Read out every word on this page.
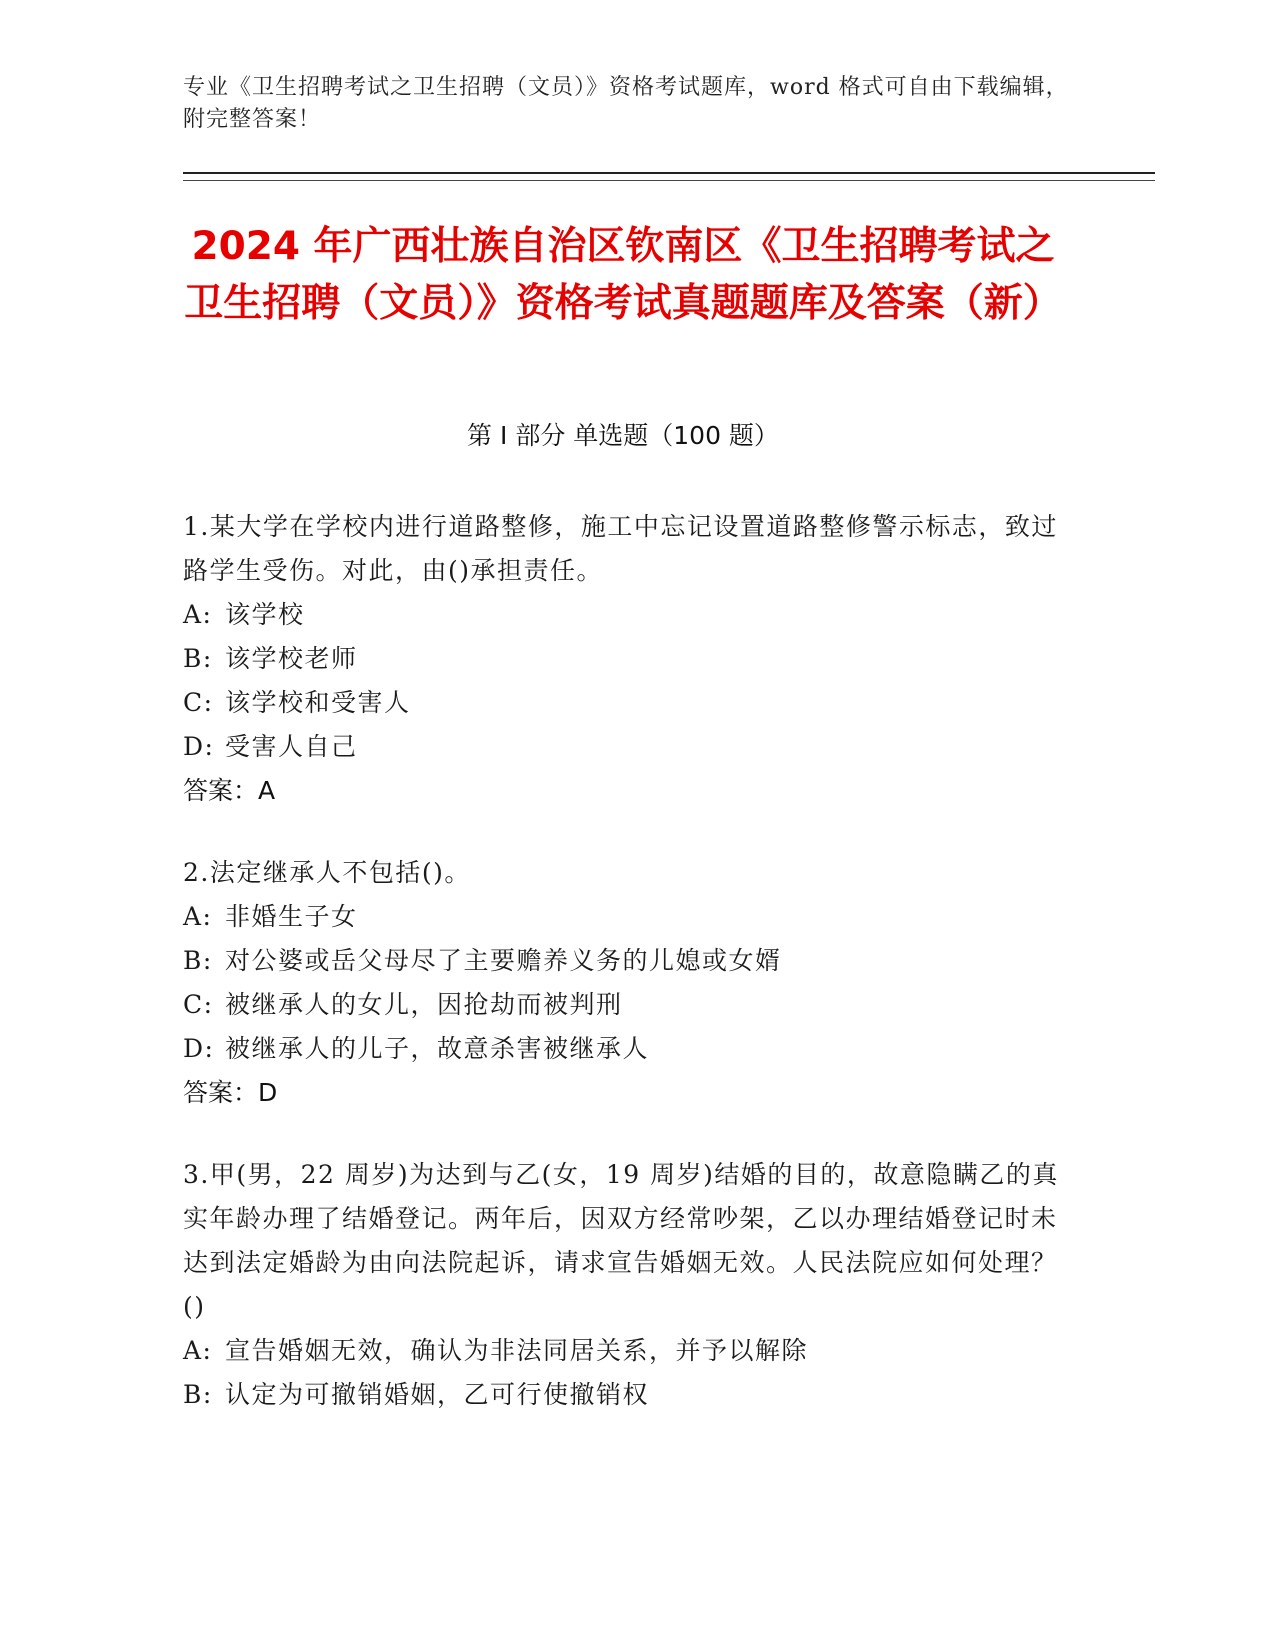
专业《卫生招聘考试之卫生招聘（文员）》资格考试题库，word 格式可自由下载编辑，附完整答案！
2024 年广西壮族自治区钦南区《卫生招聘考试之卫生招聘（文员）》资格考试真题题库及答案（新）
第 I 部分 单选题（100 题）
1.某大学在学校内进行道路整修，施工中忘记设置道路整修警示标志，致过路学生受伤。对此，由()承担责任。
A: 该学校
B: 该学校老师
C: 该学校和受害人
D: 受害人自己
答案：A
2.法定继承人不包括()。
A: 非婚生子女
B: 对公婆或岳父母尽了主要赡养义务的儿媳或女婿
C: 被继承人的女儿，因抢劫而被判刑
D: 被继承人的儿子，故意杀害被继承人
答案：D
3.甲(男，22 周岁)为达到与乙(女，19 周岁)结婚的目的，故意隐瞒乙的真实年龄办理了结婚登记。两年后，因双方经常吵架，乙以办理结婚登记时未达到法定婚龄为由向法院起诉，请求宣告婚姻无效。人民法院应如何处理？()
A: 宣告婚姻无效，确认为非法同居关系，并予以解除
B: 认定为可撤销婚姻，乙可行使撤销权
